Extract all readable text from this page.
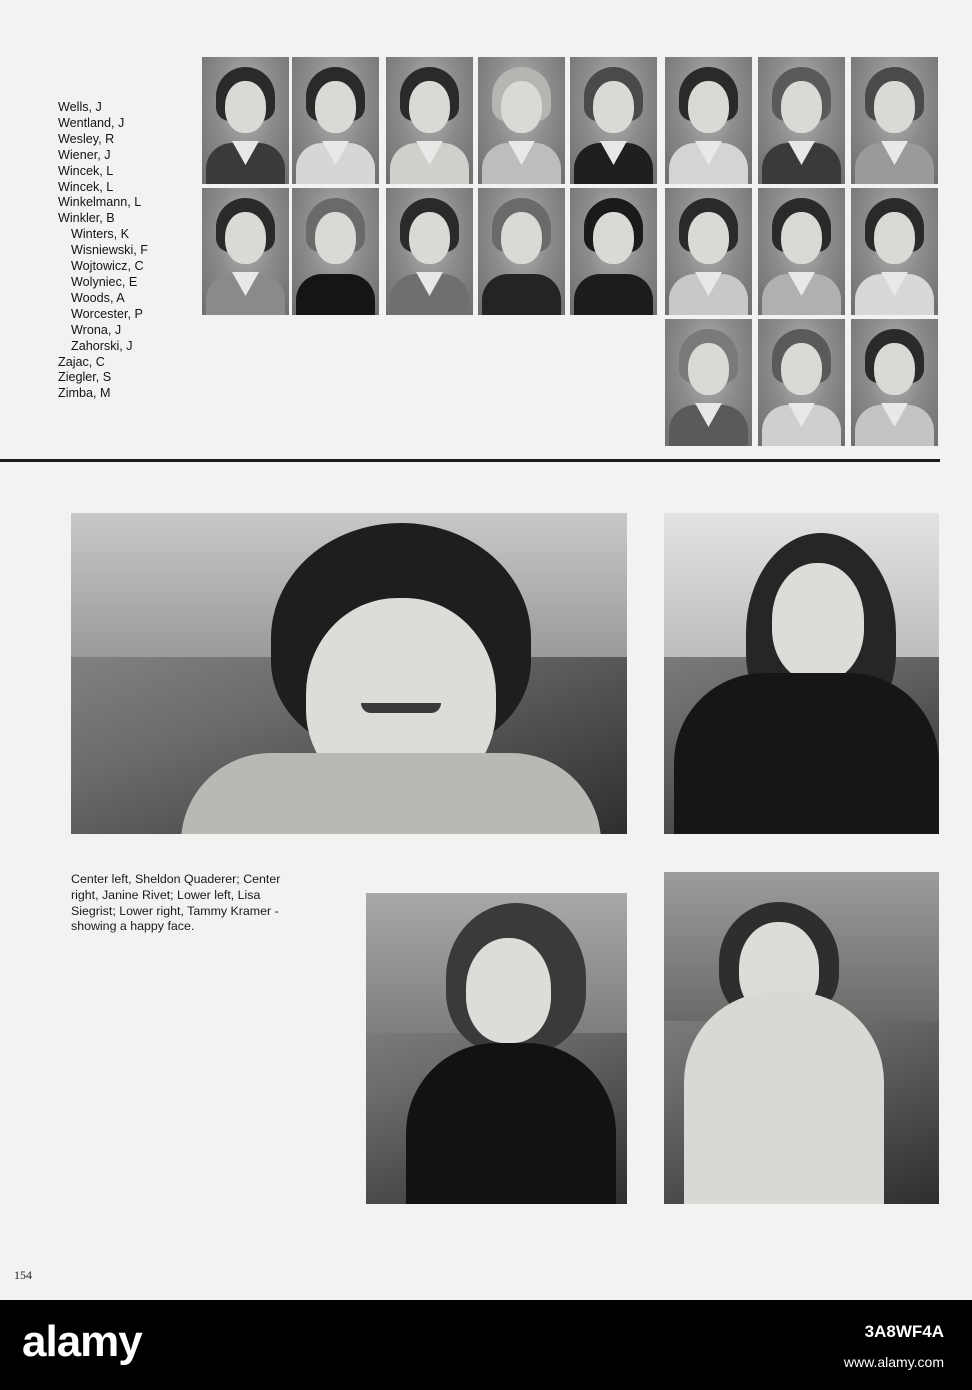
Wells, J
Wentland, J
Wesley, R
Wiener, J
Wincek, L
Wincek, L
Winkelmann, L
Winkler, B
Winters, K
Wisniewski, F
Wojtowicz, C
Wolyniec, E
Woods, A
Worcester, P
Wrona, J
Zahorski, J
Zajac, C
Ziegler, S
Zimba, M
Center left, Sheldon Quaderer; Center
right, Janine Rivet; Lower left, Lisa
Siegrist; Lower right, Tammy Kramer -
showing a happy face.
154
alamy	3A8WF4A
www.alamy.com
